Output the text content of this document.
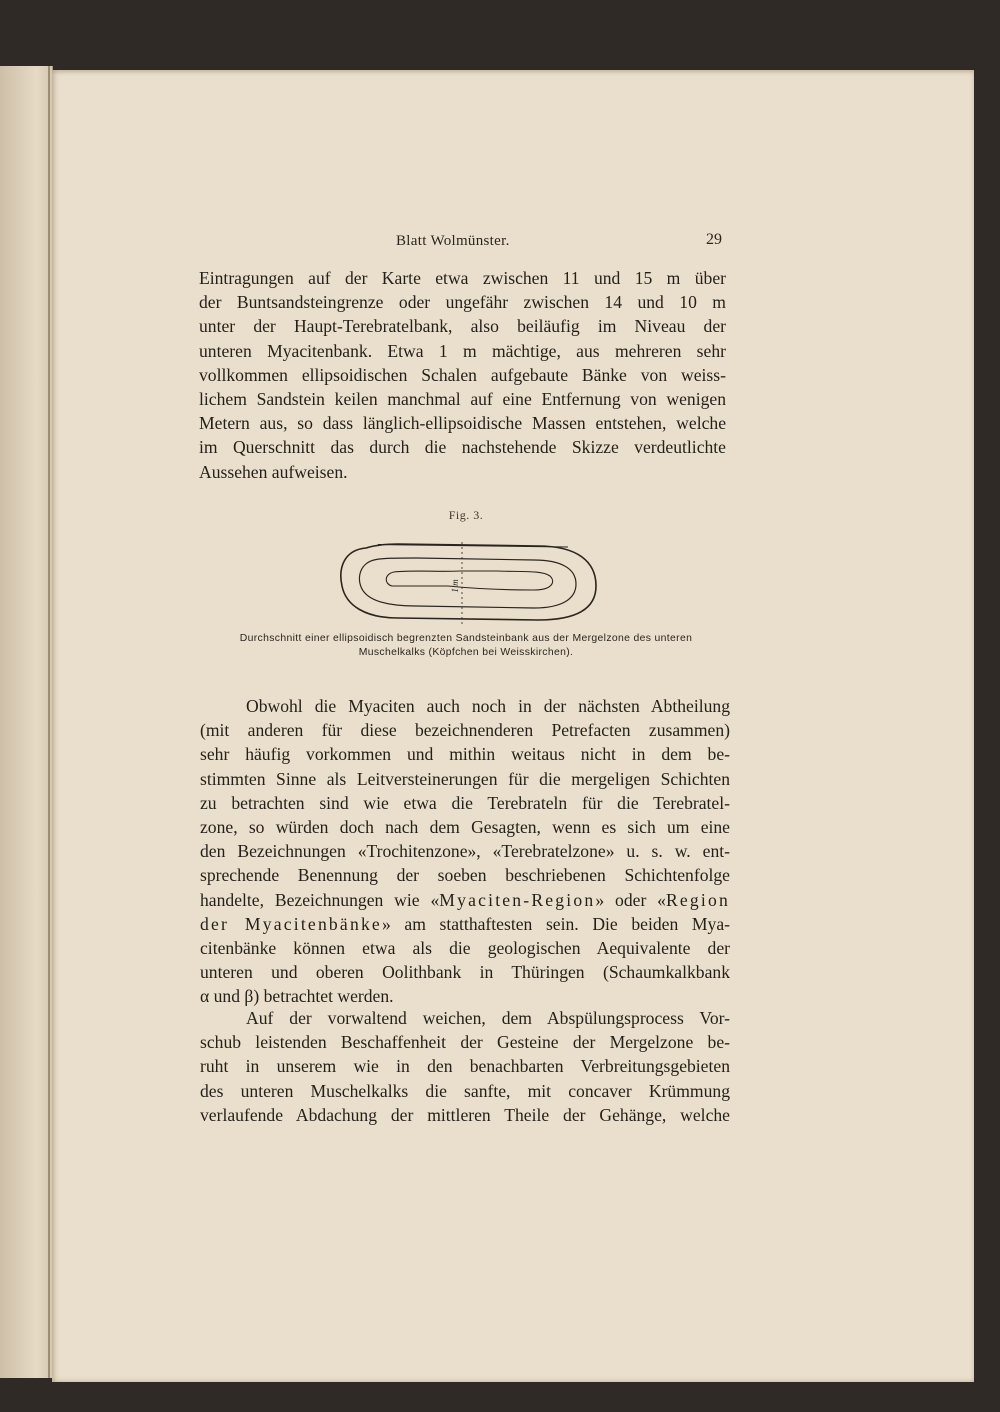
Blatt Wolmünster.	29
Eintragungen auf der Karte etwa zwischen 11 und 15 m über
der Buntsandsteingrenze oder ungefähr zwischen 14 und 10 m
unter der Haupt-Terebratelbank, also beiläufig im Niveau der
unteren Myacitenbank. Etwa 1 m mächtige, aus mehreren sehr
vollkommen ellipsoidischen Schalen aufgebaute Bänke von weiss-
lichem Sandstein keilen manchmal auf eine Entfernung von wenigen
Metern aus, so dass länglich-ellipsoidische Massen entstehen, welche
im Querschnitt das durch die nachstehende Skizze verdeutlichte
Aussehen aufweisen.
Fig. 3.
1 m
Durchschnitt einer ellipsoidisch begrenzten Sandsteinbank aus der Mergelzone des unteren
Muschelkalks (Köpfchen bei Weisskirchen).
Obwohl die Myaciten auch noch in der nächsten Abtheilung
(mit anderen für diese bezeichnenderen Petrefacten zusammen)
sehr häufig vorkommen und mithin weitaus nicht in dem be-
stimmten Sinne als Leitversteinerungen für die mergeligen Schichten
zu betrachten sind wie etwa die Terebrateln für die Terebratel-
zone, so würden doch nach dem Gesagten, wenn es sich um eine
den Bezeichnungen «Trochitenzone», «Terebratelzone» u. s. w. ent-
sprechende Benennung der soeben beschriebenen Schichtenfolge
handelte, Bezeichnungen wie «Myaciten-Region» oder «Region
der Myacitenbänke» am statthaftesten sein. Die beiden Mya-
citenbänke können etwa als die geologischen Aequivalente der
unteren und oberen Oolithbank in Thüringen (Schaumkalkbank
α und β) betrachtet werden.
Auf der vorwaltend weichen, dem Abspülungsprocess Vor-
schub leistenden Beschaffenheit der Gesteine der Mergelzone be-
ruht in unserem wie in den benachbarten Verbreitungsgebieten
des unteren Muschelkalks die sanfte, mit concaver Krümmung
verlaufende Abdachung der mittleren Theile der Gehänge, welche
